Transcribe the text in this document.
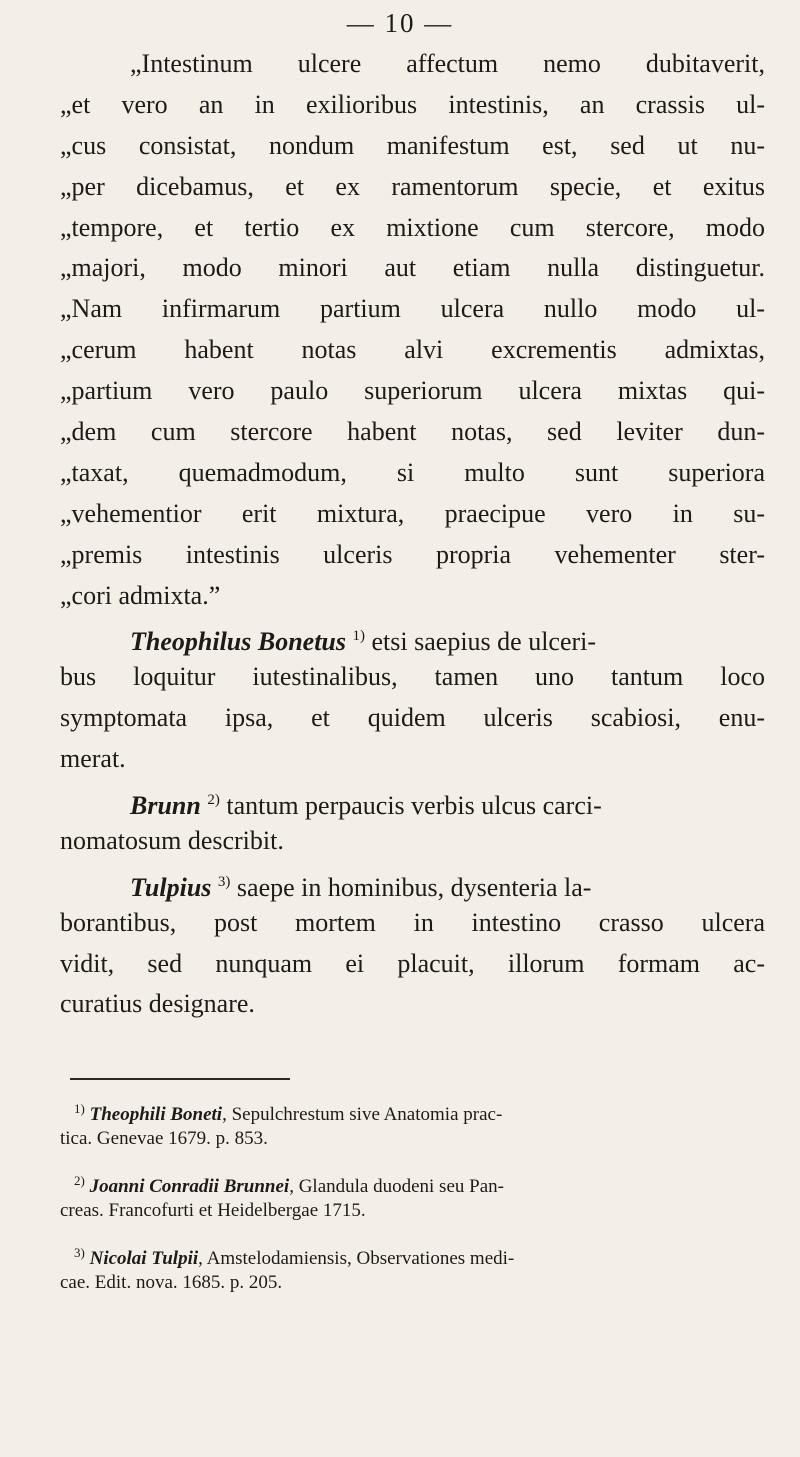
— 10 —
„Intestinum ulcere affectum nemo dubitaverit,
„et vero an in exilioribus intestinis, an crassis ul-
„cus consistat, nondum manifestum est, sed ut nu-
„per dicebamus, et ex ramentorum specie, et exitus
„tempore, et tertio ex mixtione cum stercore, modo
„majori, modo minori aut etiam nulla distinguetur.
„Nam infirmarum partium ulcera nullo modo ul-
„cerum habent notas alvi excrementis admixtas,
„partium vero paulo superiorum ulcera mixtas qui-
„dem cum stercore habent notas, sed leviter dun-
„taxat, quemadmodum, si multo sunt superiora
„vehementior erit mixtura, praecipue vero in su-
„premis intestinis ulceris propria vehementer ster-
„cori admixta.”
Theophilus Bonetus $^{1)}$ etsi saepius de ulceri-
bus loquitur iutestinalibus, tamen uno tantum loco
symptomata ipsa, et quidem ulceris scabiosi, enu-
merat.
Brunn $^{2)}$ tantum perpaucis verbis ulcus carci-
nomatosum describit.
Tulpius $^{3)}$ saepe in hominibus, dysenteria la-
borantibus, post mortem in intestino crasso ulcera
vidit, sed nunquam ei placuit, illorum formam ac-
curatius designare.
$^{1)}$ Theophili Boneti, Sepulchrestum sive Anatomia prac-
tica. Genevae 1679. p. 853.
$^{2)}$ Joanni Conradii Brunnei, Glandula duodeni seu Pan-
creas. Francofurti et Heidelbergae 1715.
$^{3)}$ Nicolai Tulpii, Amstelodamiensis, Observationes medi-
cae. Edit. nova. 1685. p. 205.
